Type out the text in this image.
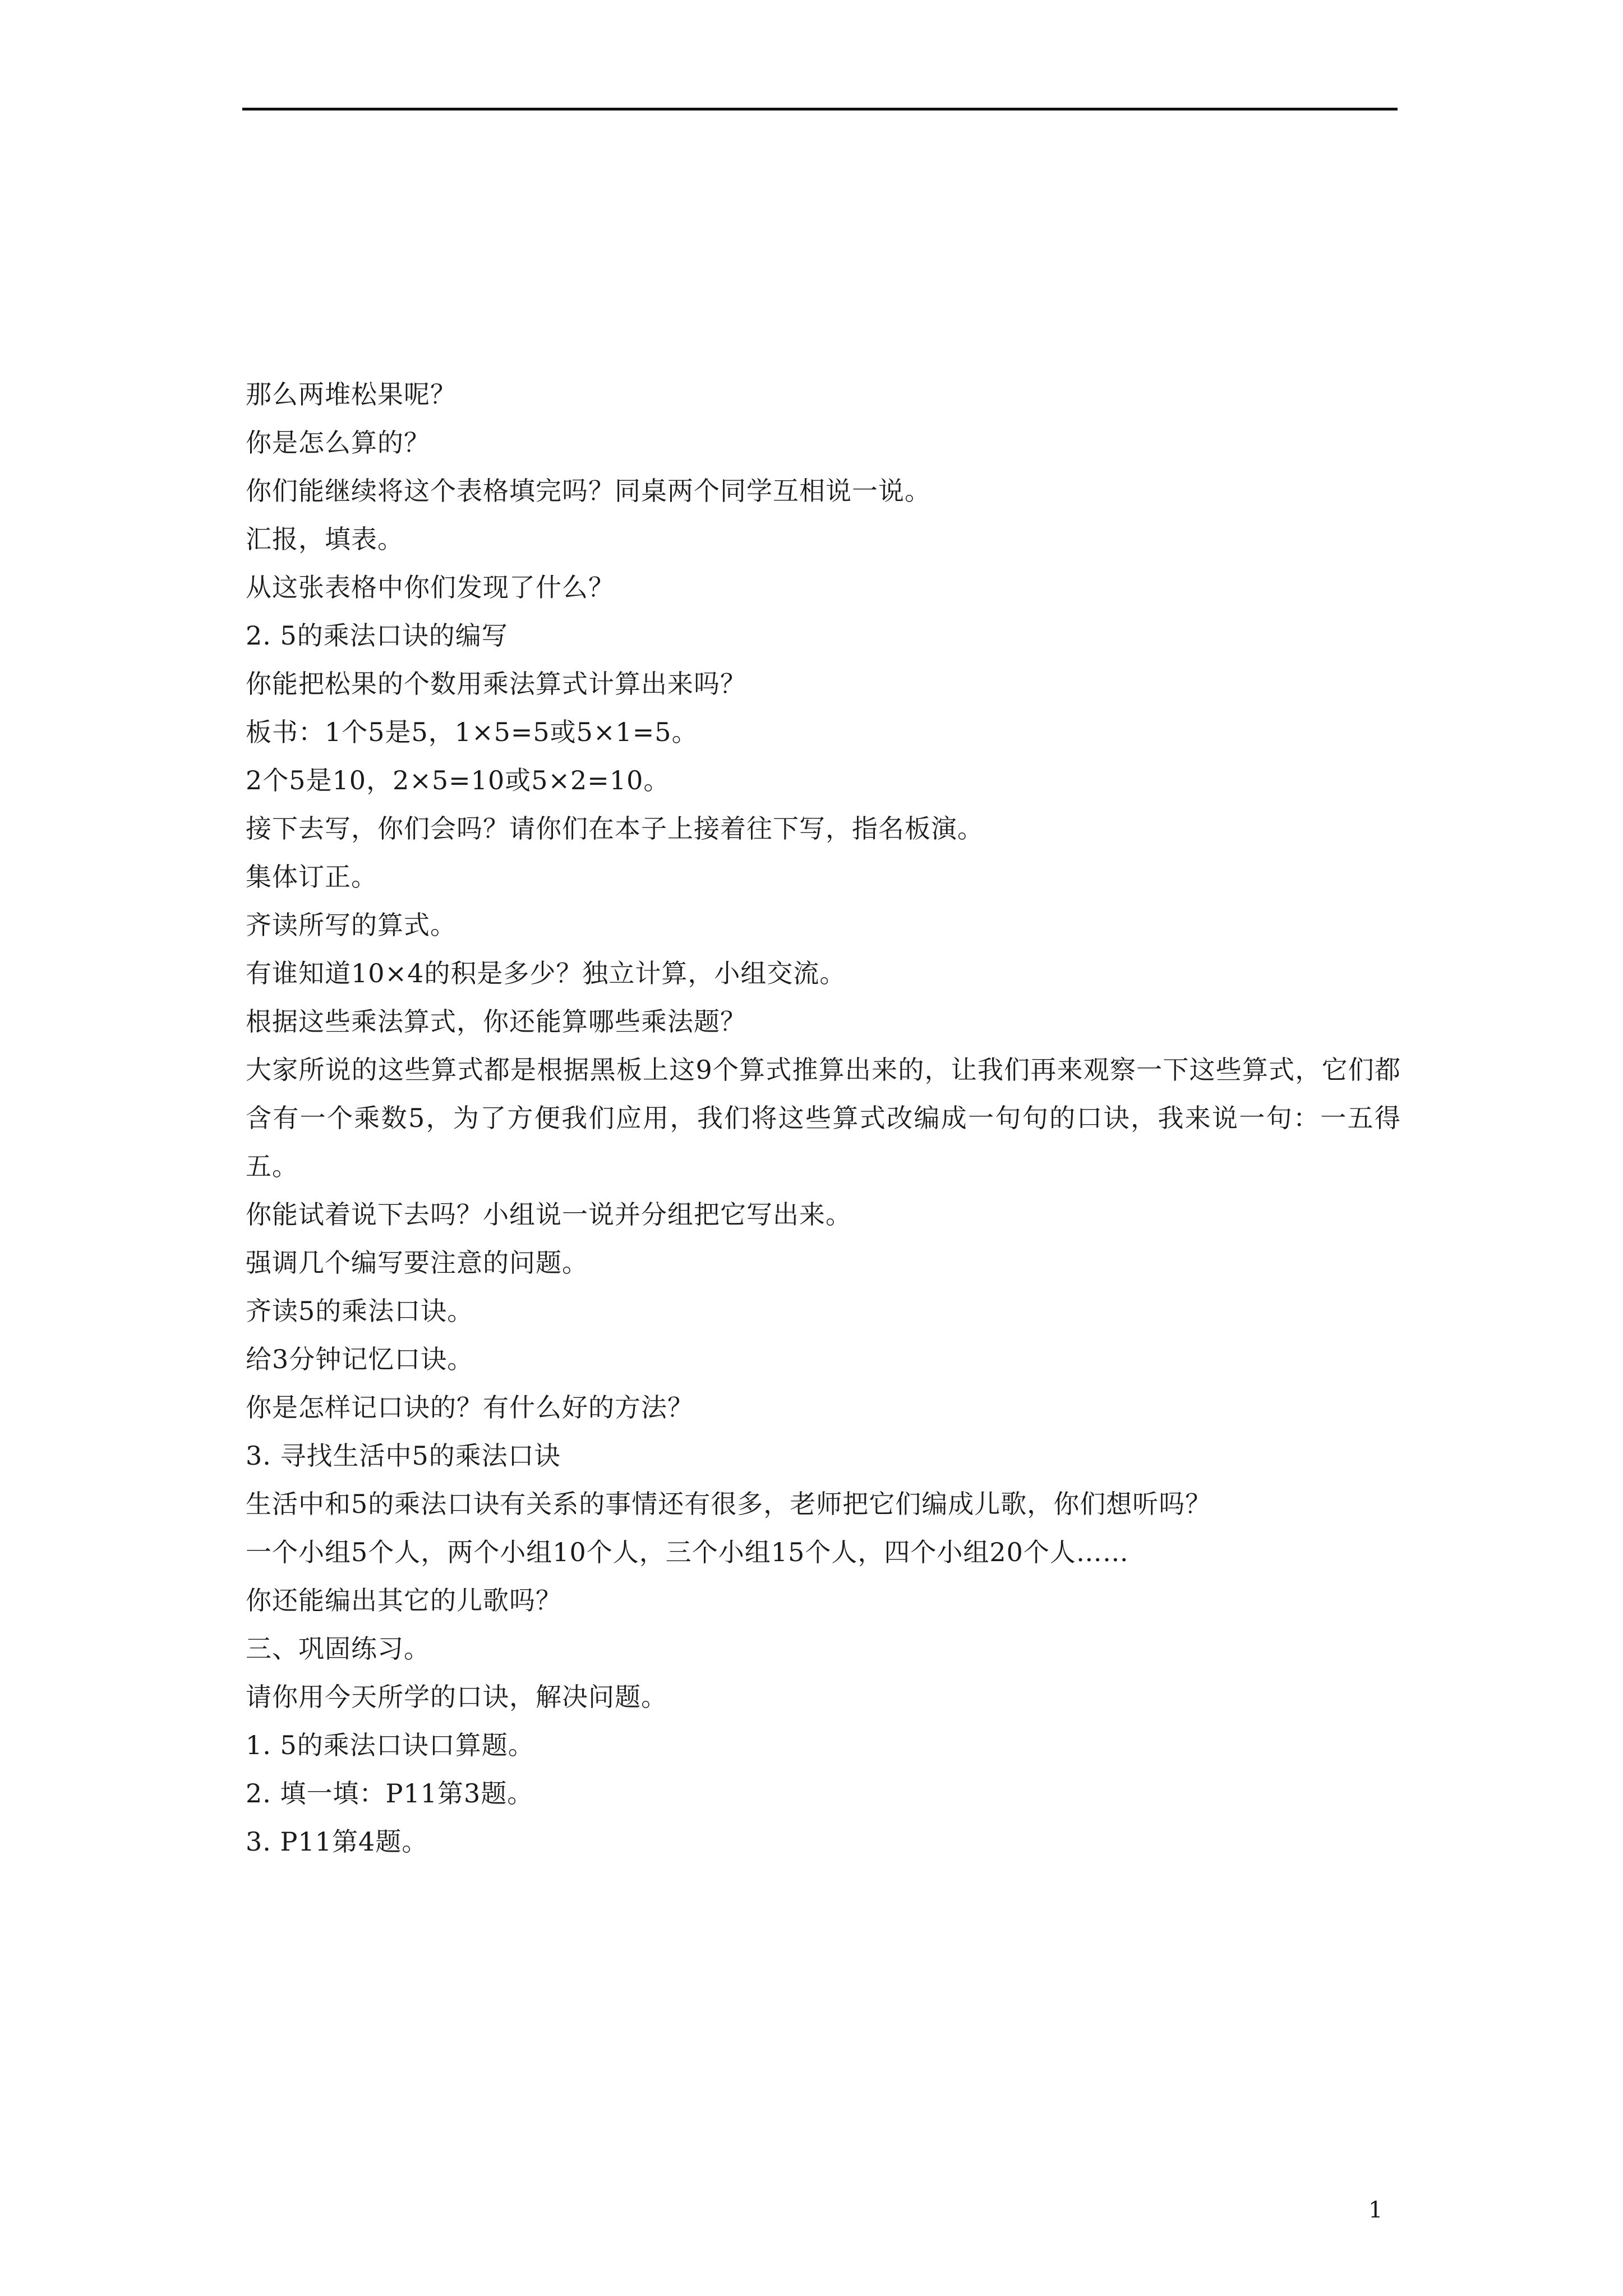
那么两堆松果呢？
你是怎么算的？
你们能继续将这个表格填完吗？同桌两个同学互相说一说。
汇报，填表。
从这张表格中你们发现了什么？
2. 5的乘法口诀的编写
你能把松果的个数用乘法算式计算出来吗？
板书：1个5是5，1×5=5或5×1=5。
2个5是10，2×5=10或5×2=10。
接下去写，你们会吗？请你们在本子上接着往下写，指名板演。
集体订正。
齐读所写的算式。
有谁知道10×4的积是多少？独立计算，小组交流。
根据这些乘法算式，你还能算哪些乘法题？
大家所说的这些算式都是根据黑板上这9个算式推算出来的，让我们再来观察一下这些算式，它们都含有一个乘数5，为了方便我们应用，我们将这些算式改编成一句句的口诀，我来说一句：一五得五。
你能试着说下去吗？小组说一说并分组把它写出来。
强调几个编写要注意的问题。
齐读5的乘法口诀。
给3分钟记忆口诀。
你是怎样记口诀的？有什么好的方法？
3. 寻找生活中5的乘法口诀
生活中和5的乘法口诀有关系的事情还有很多，老师把它们编成儿歌，你们想听吗？
一个小组5个人，两个小组10个人，三个小组15个人，四个小组20个人……
你还能编出其它的儿歌吗？
三、巩固练习。
请你用今天所学的口诀，解决问题。
1. 5的乘法口诀口算题。
2. 填一填：P11第3题。
3. P11第4题。
1
